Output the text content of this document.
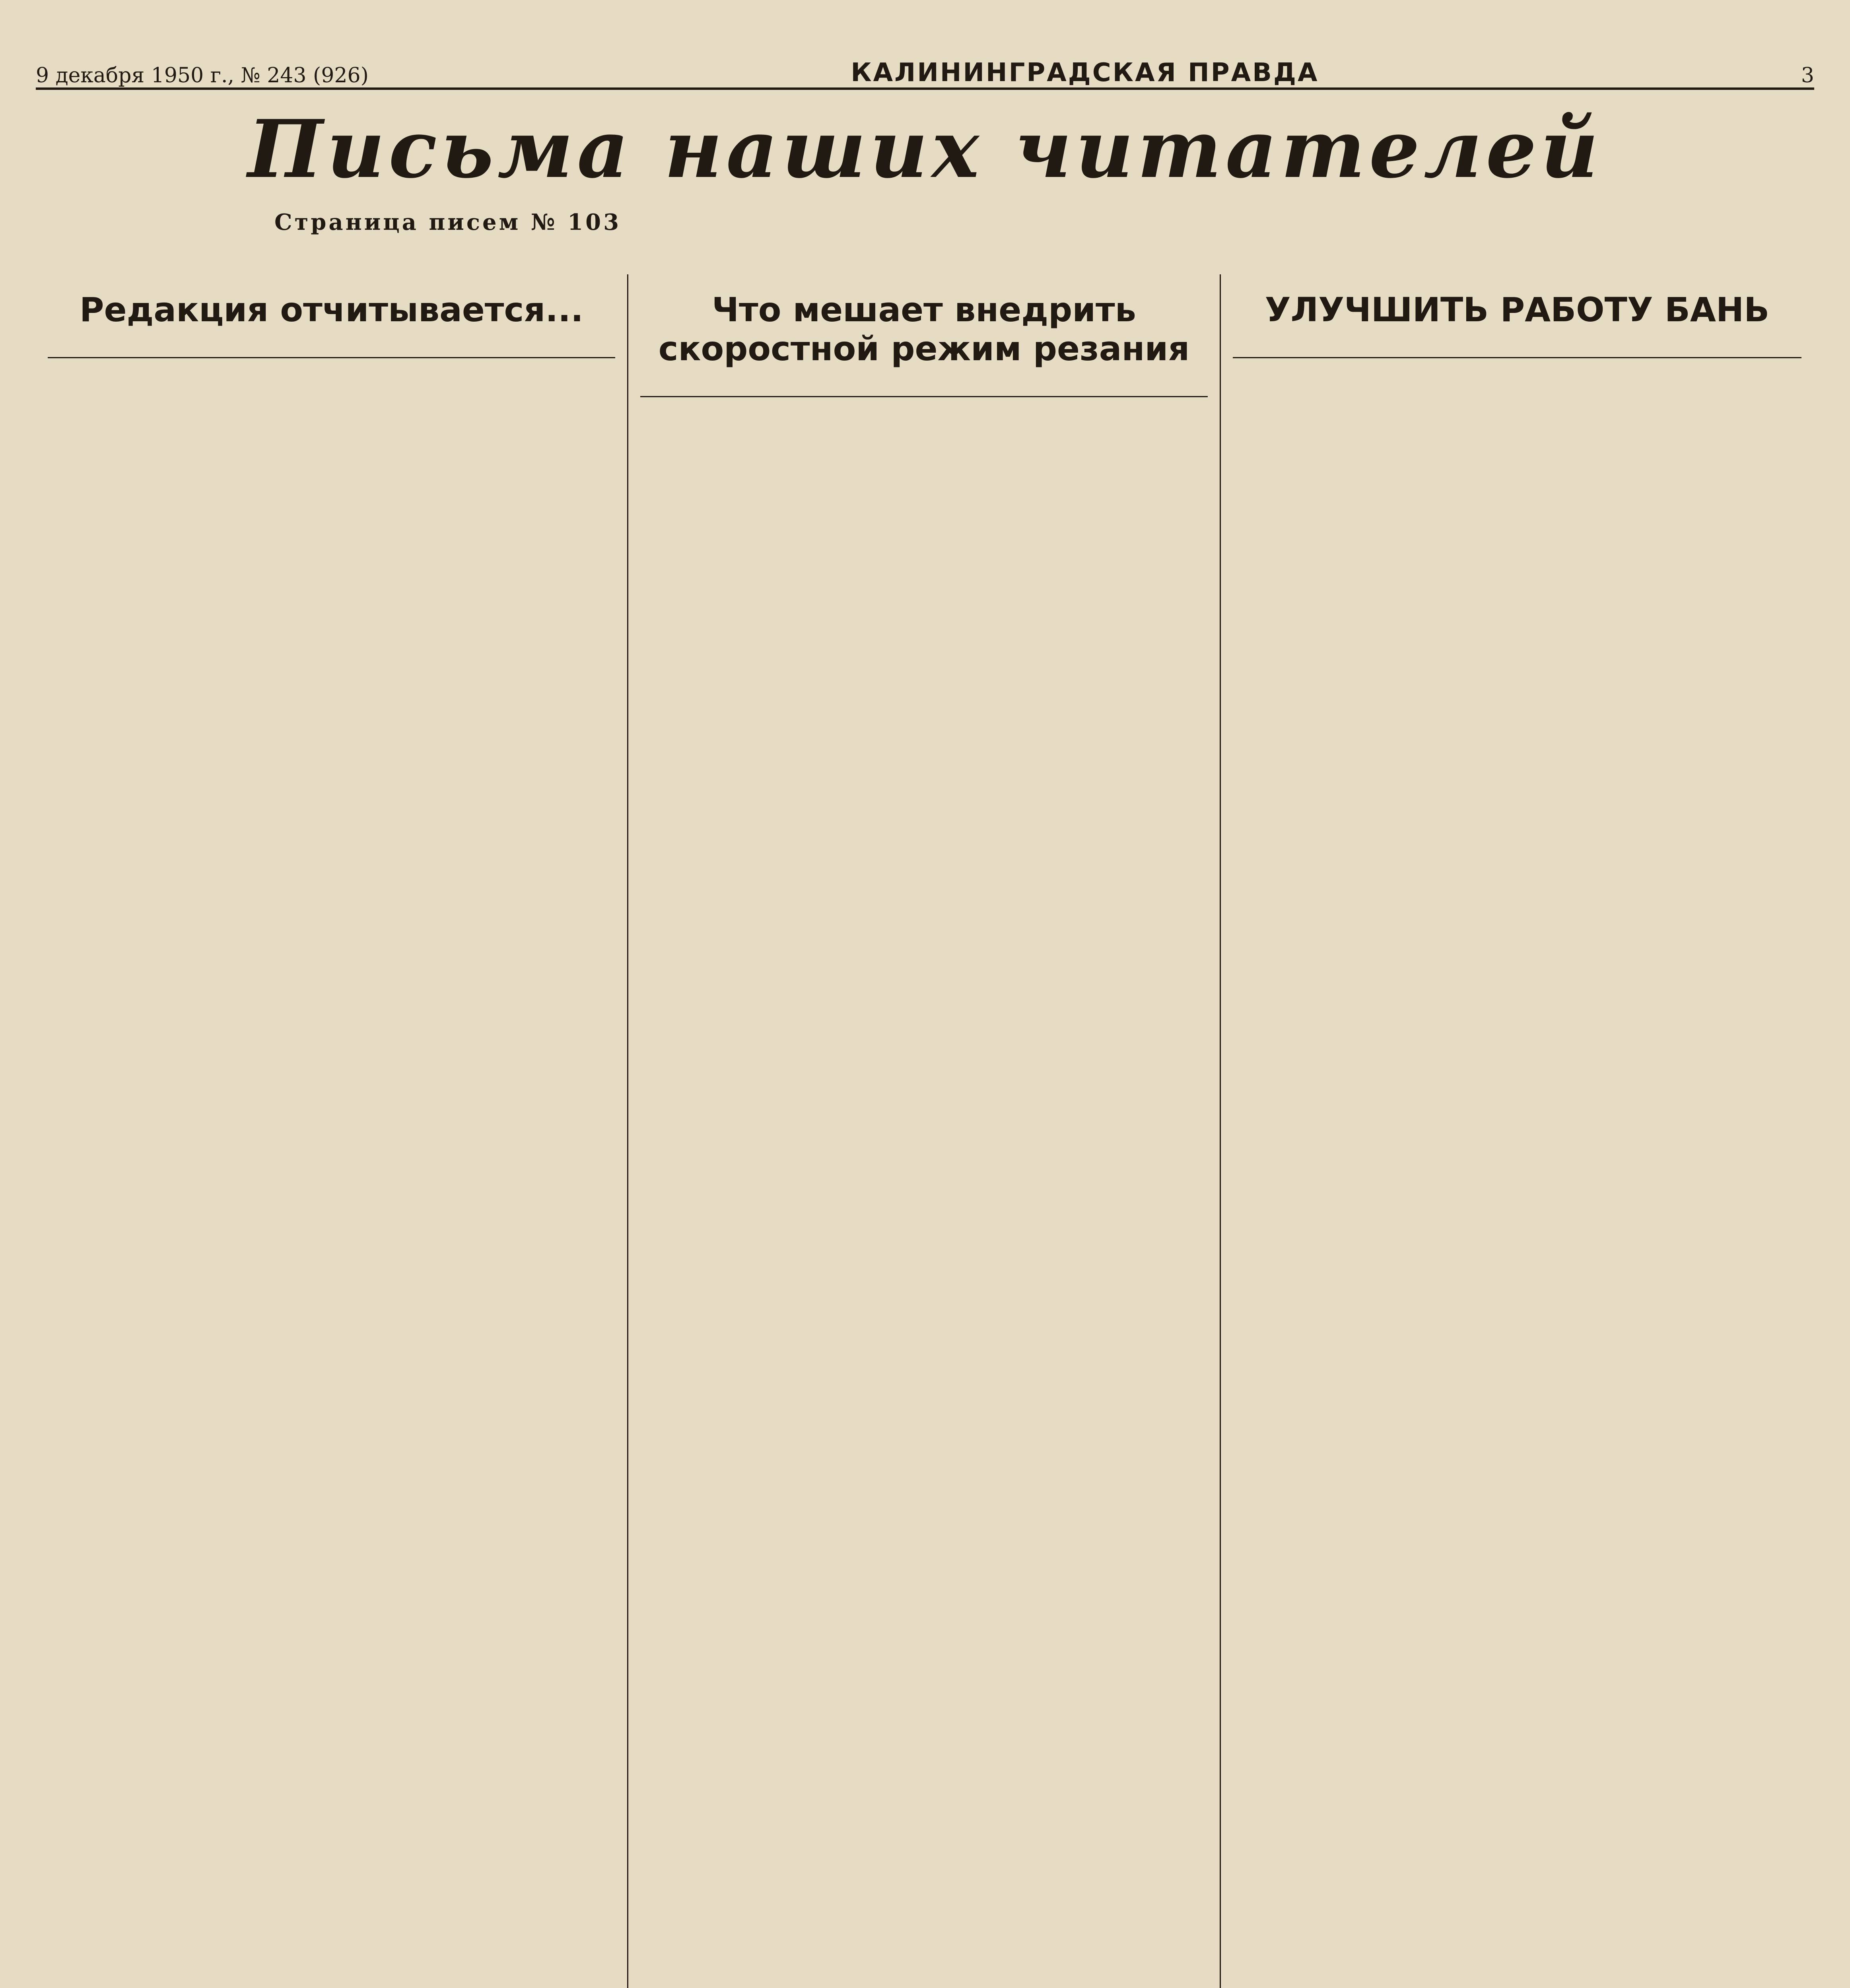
9 декабря 1950 г., № 243 (926)	КАЛИНИНГРАДСКАЯ ПРАВДА	3
Письма наших читателей
Страница писем № 103
Редакция отчитывается...	Что мешает внедрить скоростной режим резания
УЛУЧШИТЬ РАБОТУ БАНЬ
